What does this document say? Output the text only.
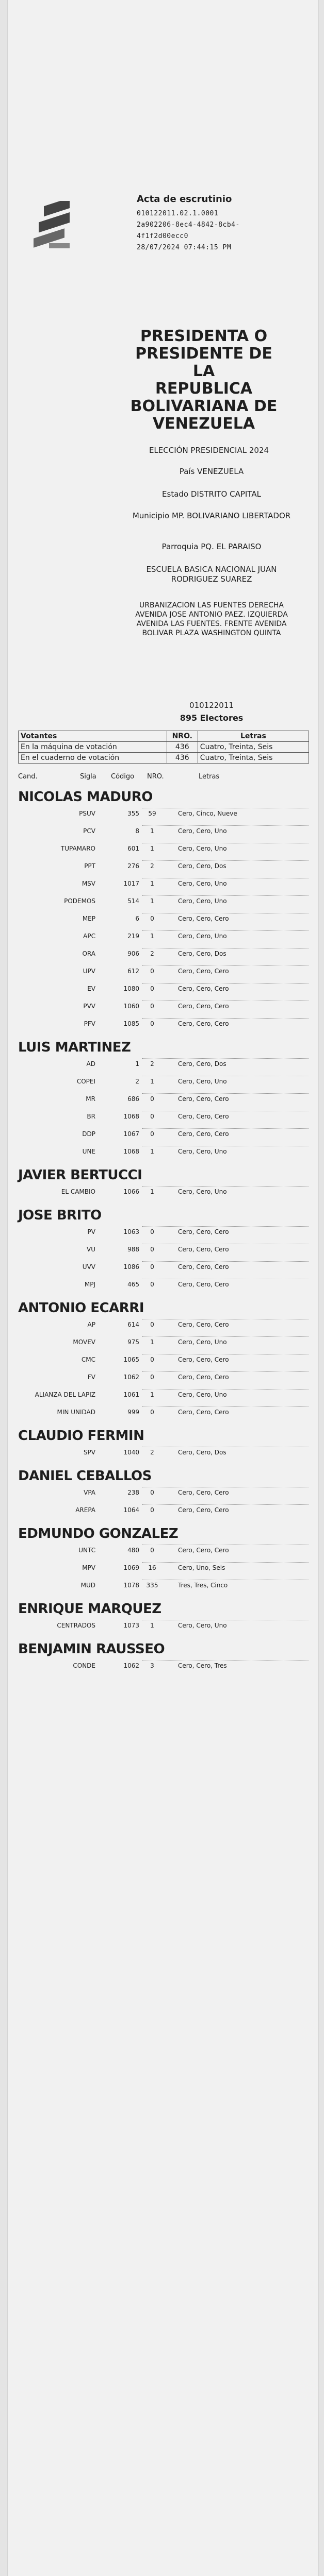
Acta de escrutinio
010122011.02.1.0001
2a902206-8ec4-4842-8cb4-
4f1f2d00ecc0
28/07/2024 07:44:15 PM
PRESIDENTA O
PRESIDENTE DE LA
REPUBLICA
BOLIVARIANA DE
VENEZUELA
ELECCIÓN PRESIDENCIAL 2024
País VENEZUELA
Estado DISTRITO CAPITAL
Municipio MP. BOLIVARIANO LIBERTADOR
Parroquia PQ. EL PARAISO
ESCUELA BASICA NACIONAL JUAN RODRIGUEZ SUAREZ
URBANIZACION LAS FUENTES DERECHA AVENIDA JOSE ANTONIO PAEZ. IZQUIERDA AVENIDA LAS FUENTES. FRENTE AVENIDA BOLIVAR PLAZA WASHINGTON QUINTA
010122011
895 Electores
Votantes	NRO.	Letras
En la máquina de votación	436	Cuatro, Treinta, Seis
En el cuaderno de votación	436	Cuatro, Treinta, Seis
Cand.	Sigla Código NRO.	Letras
NICOLAS MADURO
PSUV	355	59	Cero, Cinco, Nueve
PCV	8	1	Cero, Cero, Uno
TUPAMARO	601	1	Cero, Cero, Uno
PPT	276	2	Cero, Cero, Dos
MSV	1017	1	Cero, Cero, Uno
PODEMOS	514	1	Cero, Cero, Uno
MEP	6	0	Cero, Cero, Cero
APC	219	1	Cero, Cero, Uno
ORA	906	2	Cero, Cero, Dos
UPV	612	0	Cero, Cero, Cero
EV	1080	0	Cero, Cero, Cero
PVV	1060	0	Cero, Cero, Cero
PFV	1085	0	Cero, Cero, Cero
LUIS MARTINEZ
AD	1	2	Cero, Cero, Dos
COPEI	2	1	Cero, Cero, Uno
MR	686	0	Cero, Cero, Cero
BR	1068	0	Cero, Cero, Cero
DDP	1067	0	Cero, Cero, Cero
UNE	1068	1	Cero, Cero, Uno
JAVIER BERTUCCI
EL CAMBIO	1066	1	Cero, Cero, Uno
JOSE BRITO
PV	1063	0	Cero, Cero, Cero
VU	988	0	Cero, Cero, Cero
UVV	1086	0	Cero, Cero, Cero
MPJ	465	0	Cero, Cero, Cero
ANTONIO ECARRI
AP	614	0	Cero, Cero, Cero
MOVEV	975	1	Cero, Cero, Uno
CMC	1065	0	Cero, Cero, Cero
FV	1062	0	Cero, Cero, Cero
ALIANZA DEL LAPIZ	1061	1	Cero, Cero, Uno
MIN UNIDAD	999	0	Cero, Cero, Cero
CLAUDIO FERMIN
SPV	1040	2	Cero, Cero, Dos
DANIEL CEBALLOS
VPA	238	0	Cero, Cero, Cero
AREPA	1064	0	Cero, Cero, Cero
EDMUNDO GONZALEZ
UNTC	480	0	Cero, Cero, Cero
MPV	1069	16	Cero, Uno, Seis
MUD	1078	335	Tres, Tres, Cinco
ENRIQUE MARQUEZ
CENTRADOS	1073	1	Cero, Cero, Uno
BENJAMIN RAUSSEO
CONDE	1062	3	Cero, Cero, Tres
